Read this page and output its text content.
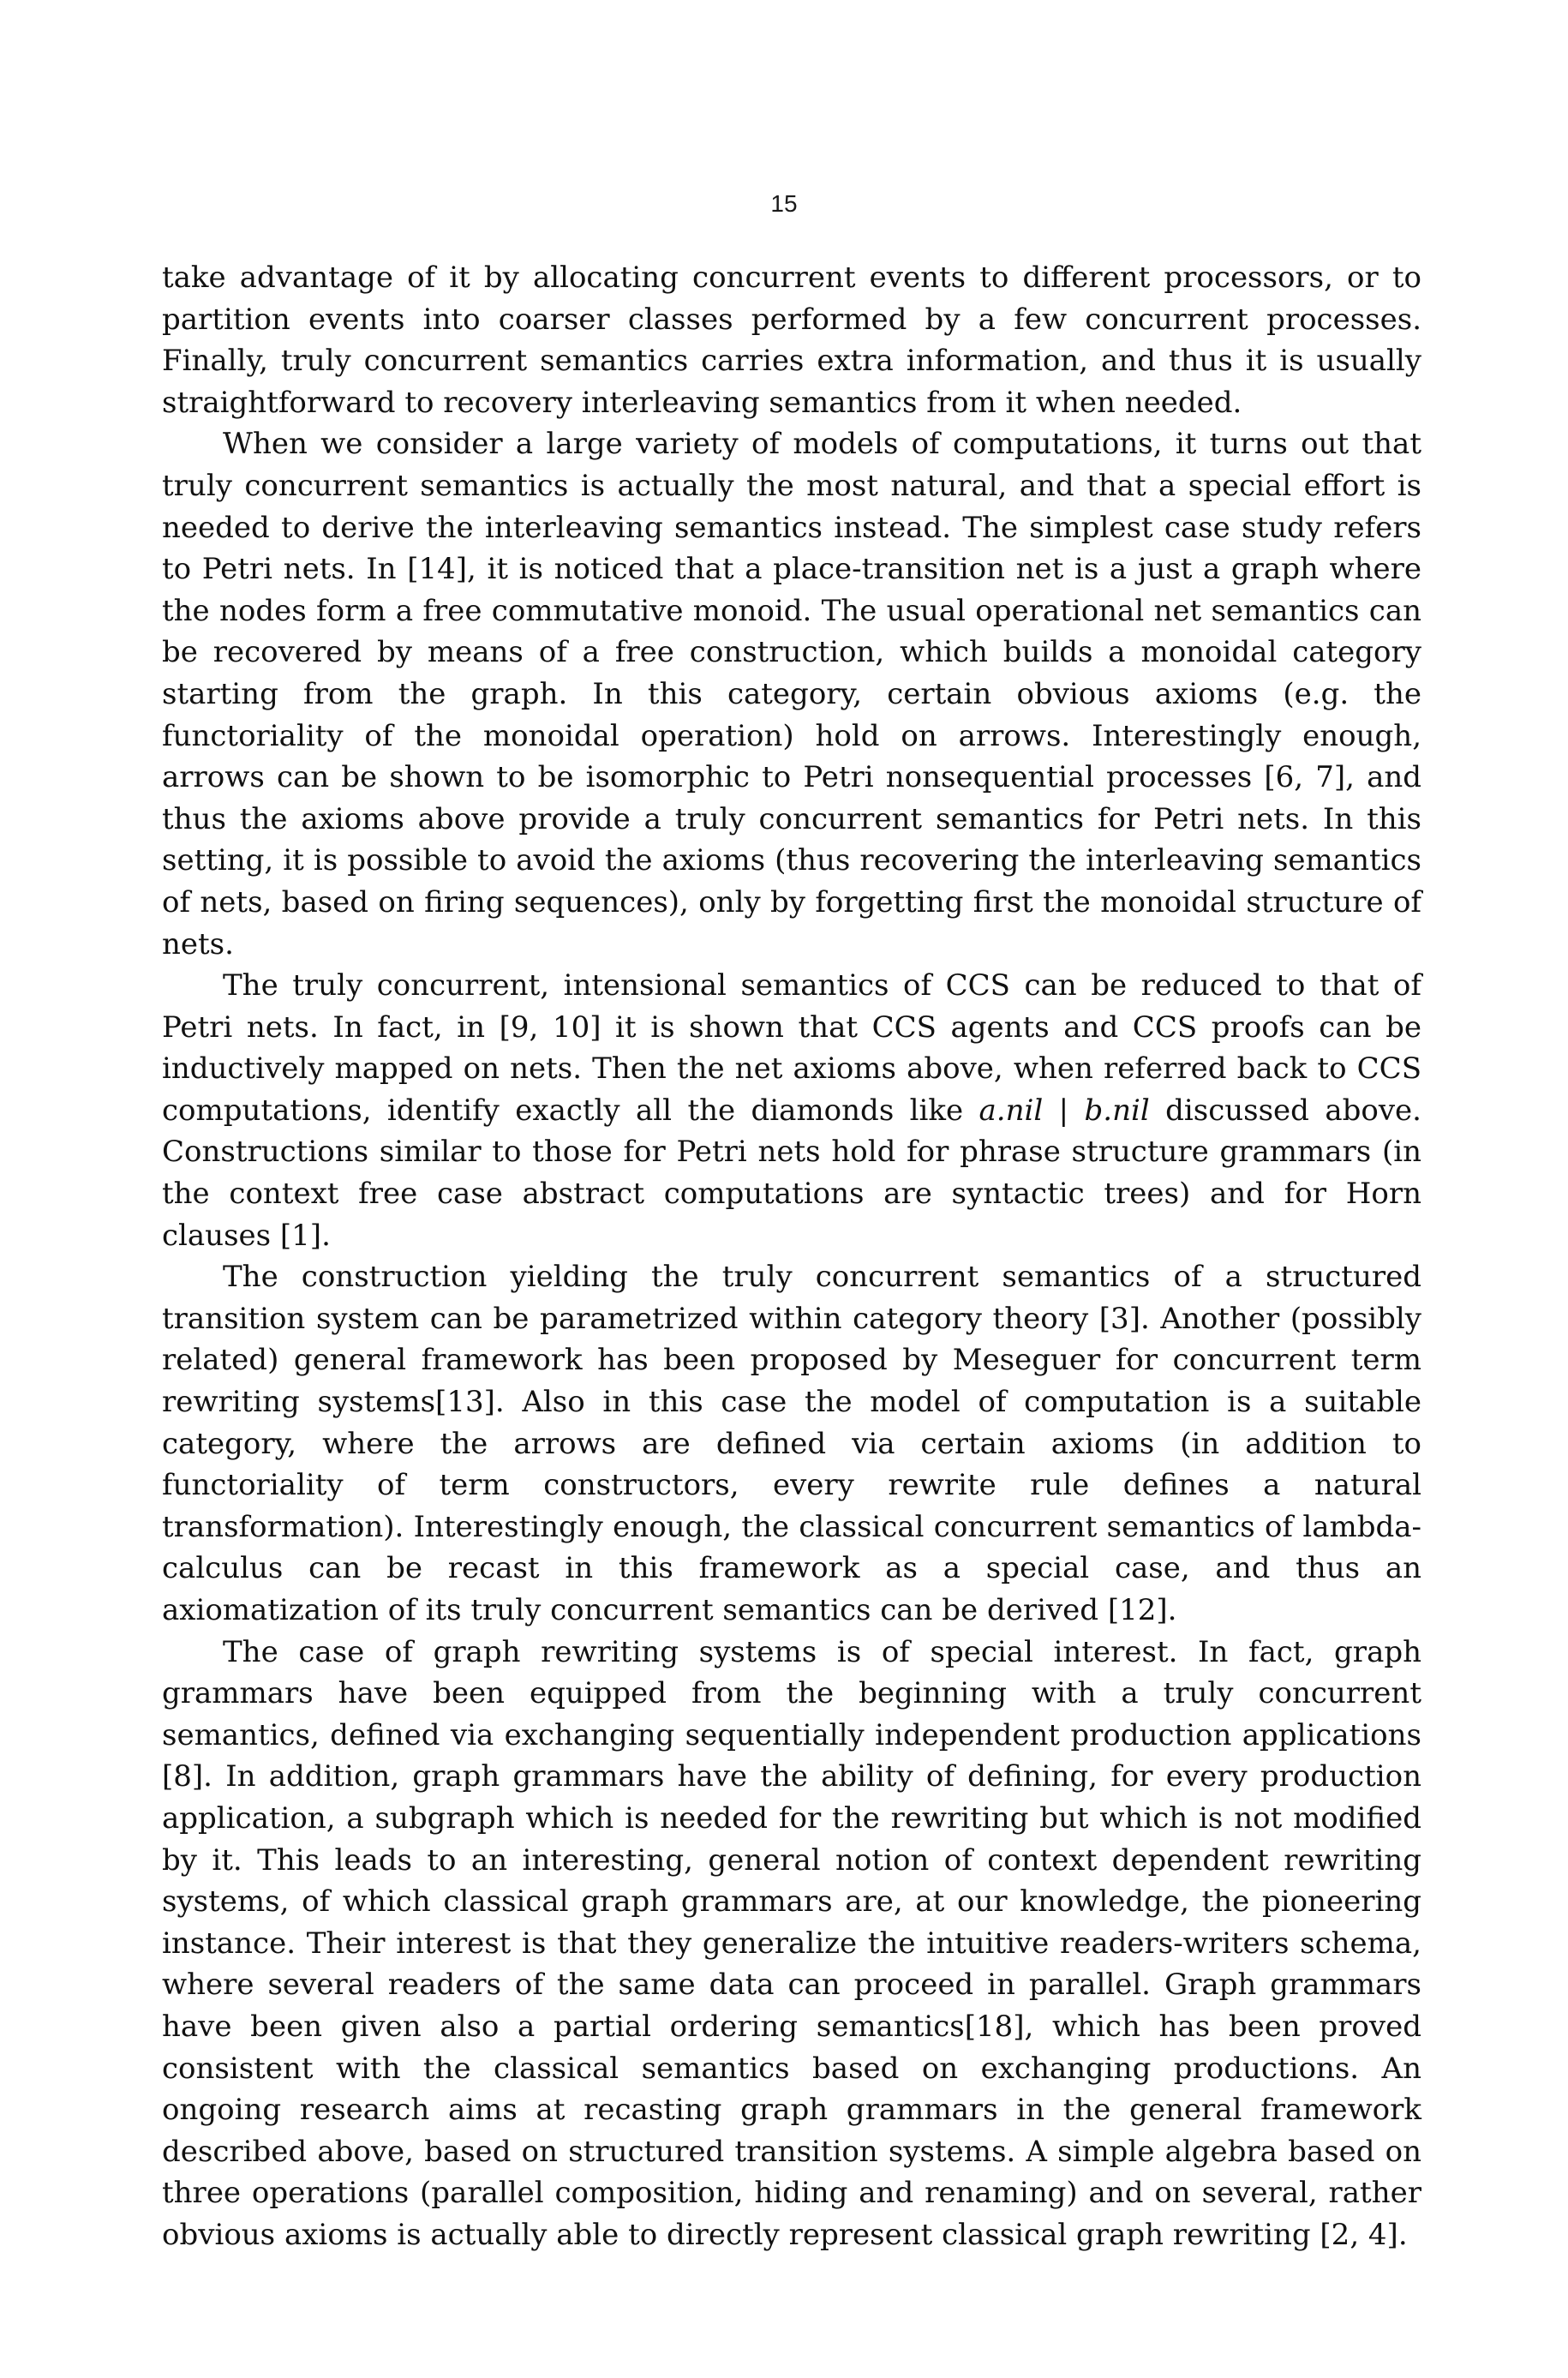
15

take advantage of it by allocating concurrent events to different processors, or to partition events into coarser classes performed by a few concurrent processes. Finally, truly concurrent semantics carries extra information, and thus it is usually straightforward to recovery interleaving semantics from it when needed.

When we consider a large variety of models of computations, it turns out that truly concurrent semantics is actually the most natural, and that a special effort is needed to derive the interleaving semantics instead. The simplest case study refers to Petri nets. In [14], it is noticed that a place-transition net is a just a graph where the nodes form a free commutative monoid. The usual operational net semantics can be recovered by means of a free construction, which builds a monoidal category starting from the graph. In this category, certain obvious axioms (e.g. the functoriality of the monoidal operation) hold on arrows. Interestingly enough, arrows can be shown to be isomorphic to Petri nonsequential processes [6, 7], and thus the axioms above provide a truly concurrent semantics for Petri nets. In this setting, it is possible to avoid the axioms (thus recovering the interleaving semantics of nets, based on firing sequences), only by forgetting first the monoidal structure of nets.

The truly concurrent, intensional semantics of CCS can be reduced to that of Petri nets. In fact, in [9, 10] it is shown that CCS agents and CCS proofs can be inductively mapped on nets. Then the net axioms above, when referred back to CCS computations, identify exactly all the diamonds like a.nil | b.nil discussed above. Constructions similar to those for Petri nets hold for phrase structure grammars (in the context free case abstract computations are syntactic trees) and for Horn clauses [1].

The construction yielding the truly concurrent semantics of a structured transition system can be parametrized within category theory [3]. Another (possibly related) general framework has been proposed by Meseguer for concurrent term rewriting systems[13]. Also in this case the model of computation is a suitable category, where the arrows are defined via certain axioms (in addition to functoriality of term constructors, every rewrite rule defines a natural transformation). Interestingly enough, the classical concurrent semantics of lambda-calculus can be recast in this framework as a special case, and thus an axiomatization of its truly concurrent semantics can be derived [12].

The case of graph rewriting systems is of special interest. In fact, graph grammars have been equipped from the beginning with a truly concurrent semantics, defined via exchanging sequentially independent production applications [8]. In addition, graph grammars have the ability of defining, for every production application, a subgraph which is needed for the rewriting but which is not modified by it. This leads to an interesting, general notion of context dependent rewriting systems, of which classical graph grammars are, at our knowledge, the pioneering instance. Their interest is that they generalize the intuitive readers-writers schema, where several readers of the same data can proceed in parallel. Graph grammars have been given also a partial ordering semantics[18], which has been proved consistent with the classical semantics based on exchanging productions. An ongoing research aims at recasting graph grammars in the general framework described above, based on structured transition systems. A simple algebra based on three operations (parallel composition, hiding and renaming) and on several, rather obvious axioms is actually able to directly represent classical graph rewriting [2, 4].
